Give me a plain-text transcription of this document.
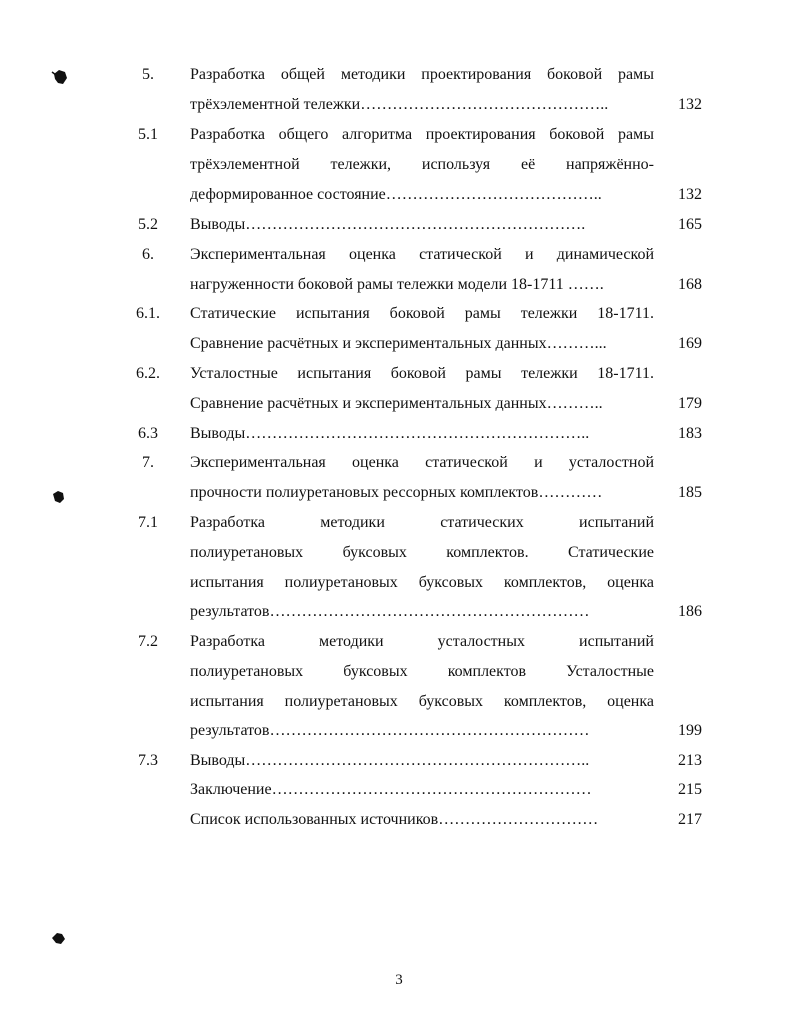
5.	Разработка общей методики проектирования боковой рамы
трёхэлементной тележки………………………………………..	132
5.1	Разработка общего алгоритма проектирования боковой рамы
трёхэлементной тележки, используя её напряжённо-
деформированное состояние…………………………………..	132
5.2	Выводы……………………………………………………….	165
6.	Экспериментальная оценка статической и динамической
нагруженности боковой рамы тележки модели 18-1711 …….	168
6.1.	Статические испытания боковой рамы тележки 18-1711.
Сравнение расчётных и экспериментальных данных………...	169
6.2.	Усталостные испытания боковой рамы тележки 18-1711.
Сравнение расчётных и экспериментальных данных………..	179
6.3	Выводы………………………………………………………..	183
7.	Экспериментальная оценка статической и усталостной
прочности полиуретановых рессорных комплектов…………	185
7.1	Разработка методики статических испытаний
полиуретановых буксовых комплектов. Статические
испытания полиуретановых буксовых комплектов, оценка
результатов……………………………………………………	186
7.2	Разработка методики усталостных испытаний
полиуретановых буксовых комплектов Усталостные
испытания полиуретановых буксовых комплектов, оценка
результатов……………………………………………………	199
7.3	Выводы………………………………………………………..	213
Заключение……………………………………………………	215
Список использованных источников…………………………	217
3
